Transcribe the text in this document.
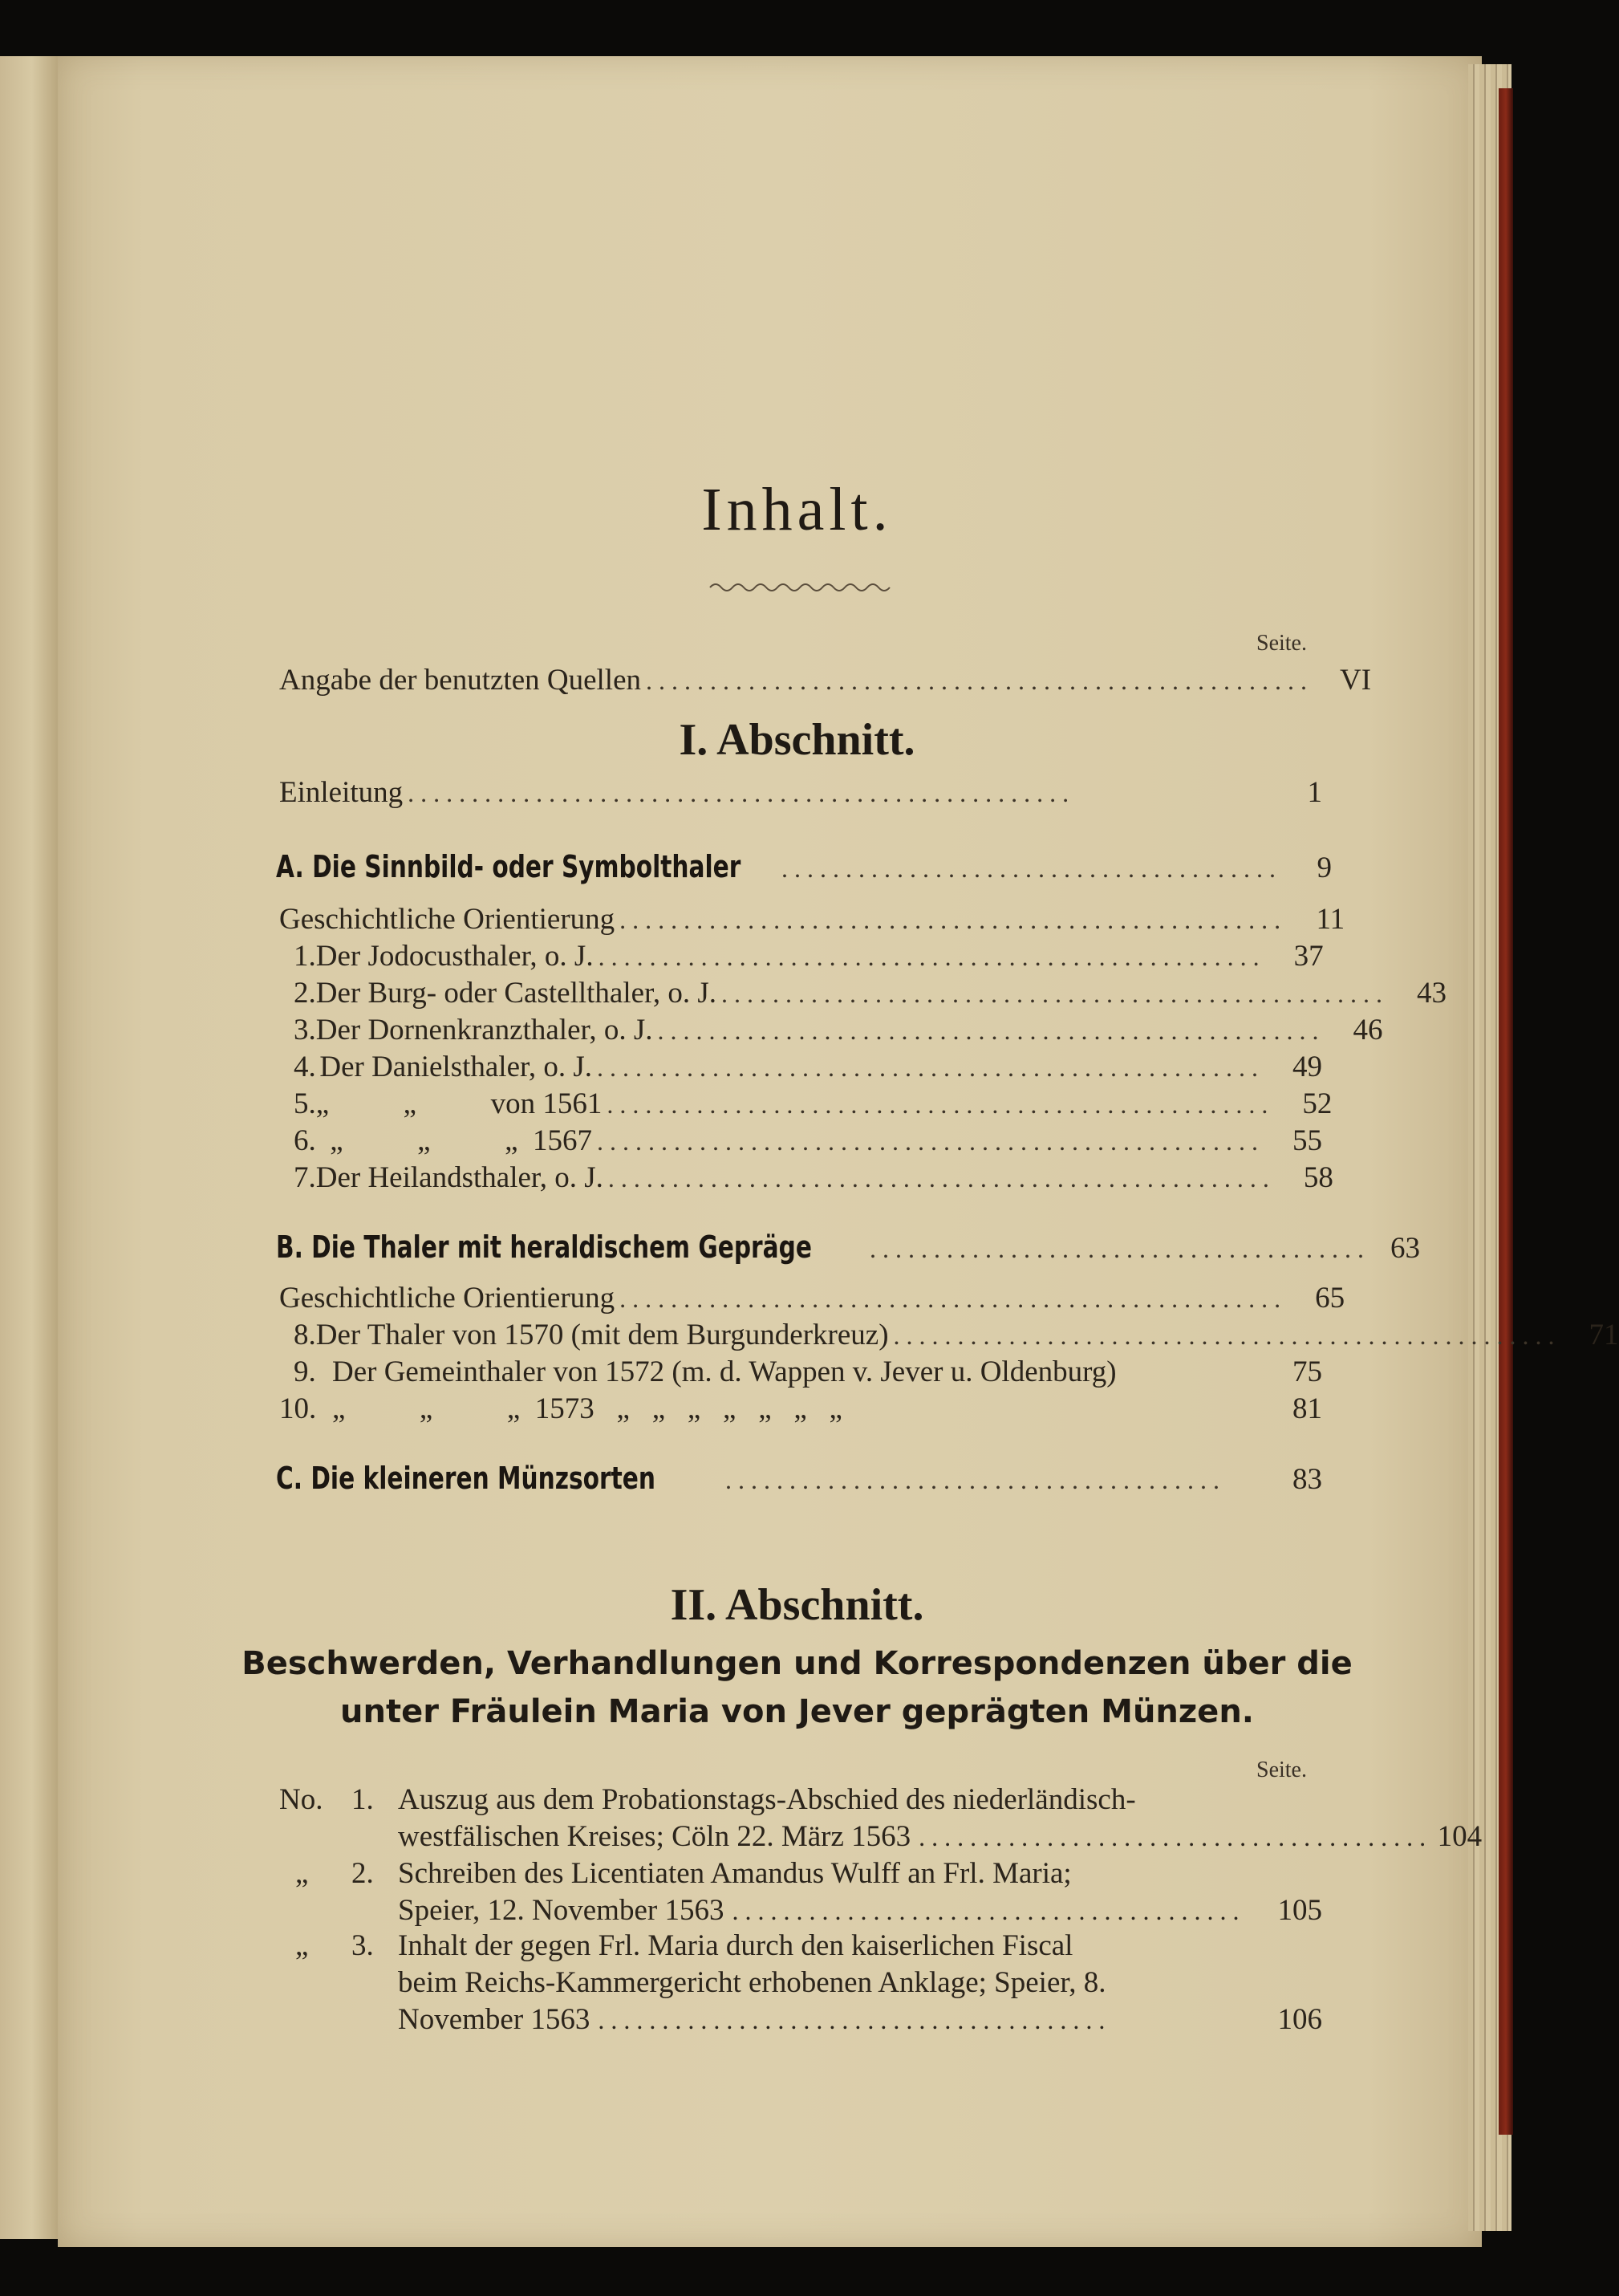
Inhalt.
Seite.
Angabe der benutzten Quellen . . .	VI
I. Abschnitt.
Einleitung . . .	1
A. Die Sinnbild- oder Symbolthaler . . .	9
Geschichtliche Orientierung . . .	11
1. Der Jodocusthaler, o. J. . . .	37
2. Der Burg- oder Castellthaler, o. J. . . .	43
3. Der Dornenkranzthaler, o. J. . . .	46
4. Der Danielsthaler, o. J. . . .	49
5. „          „          von 1561 . . .	52
6. „          „          „  1567 . . .	55
7. Der Heilandsthaler, o. J. . . .	58
B. Die Thaler mit heraldischem Gepräge . . .	63
Geschichtliche Orientierung . . .	65
8. Der Thaler von 1570 (mit dem Burgunderkreuz) . . .	71
9. Der Gemeinthaler von 1572 (m. d. Wappen v. Jever u. Oldenburg)	75
10. „          „          „  1573   „   „   „   „   „   „   „	81
C. Die kleineren Münzsorten . . .	83
II. Abschnitt.
Beschwerden, Verhandlungen und Korrespondenzen über die
unter Fräulein Maria von Jever geprägten Münzen.
Seite.
No. 1. Auszug aus dem Probationstags-Abschied des niederländisch-
westfälischen Kreises; Cöln 22. März 1563 . . .	104
„ 2. Schreiben des Licentiaten Amandus Wulff an Frl. Maria;
Speier, 12. November 1563 . . .	105
„ 3. Inhalt der gegen Frl. Maria durch den kaiserlichen Fiscal
beim Reichs-Kammergericht erhobenen Anklage; Speier, 8.
November 1563 . . .	106
